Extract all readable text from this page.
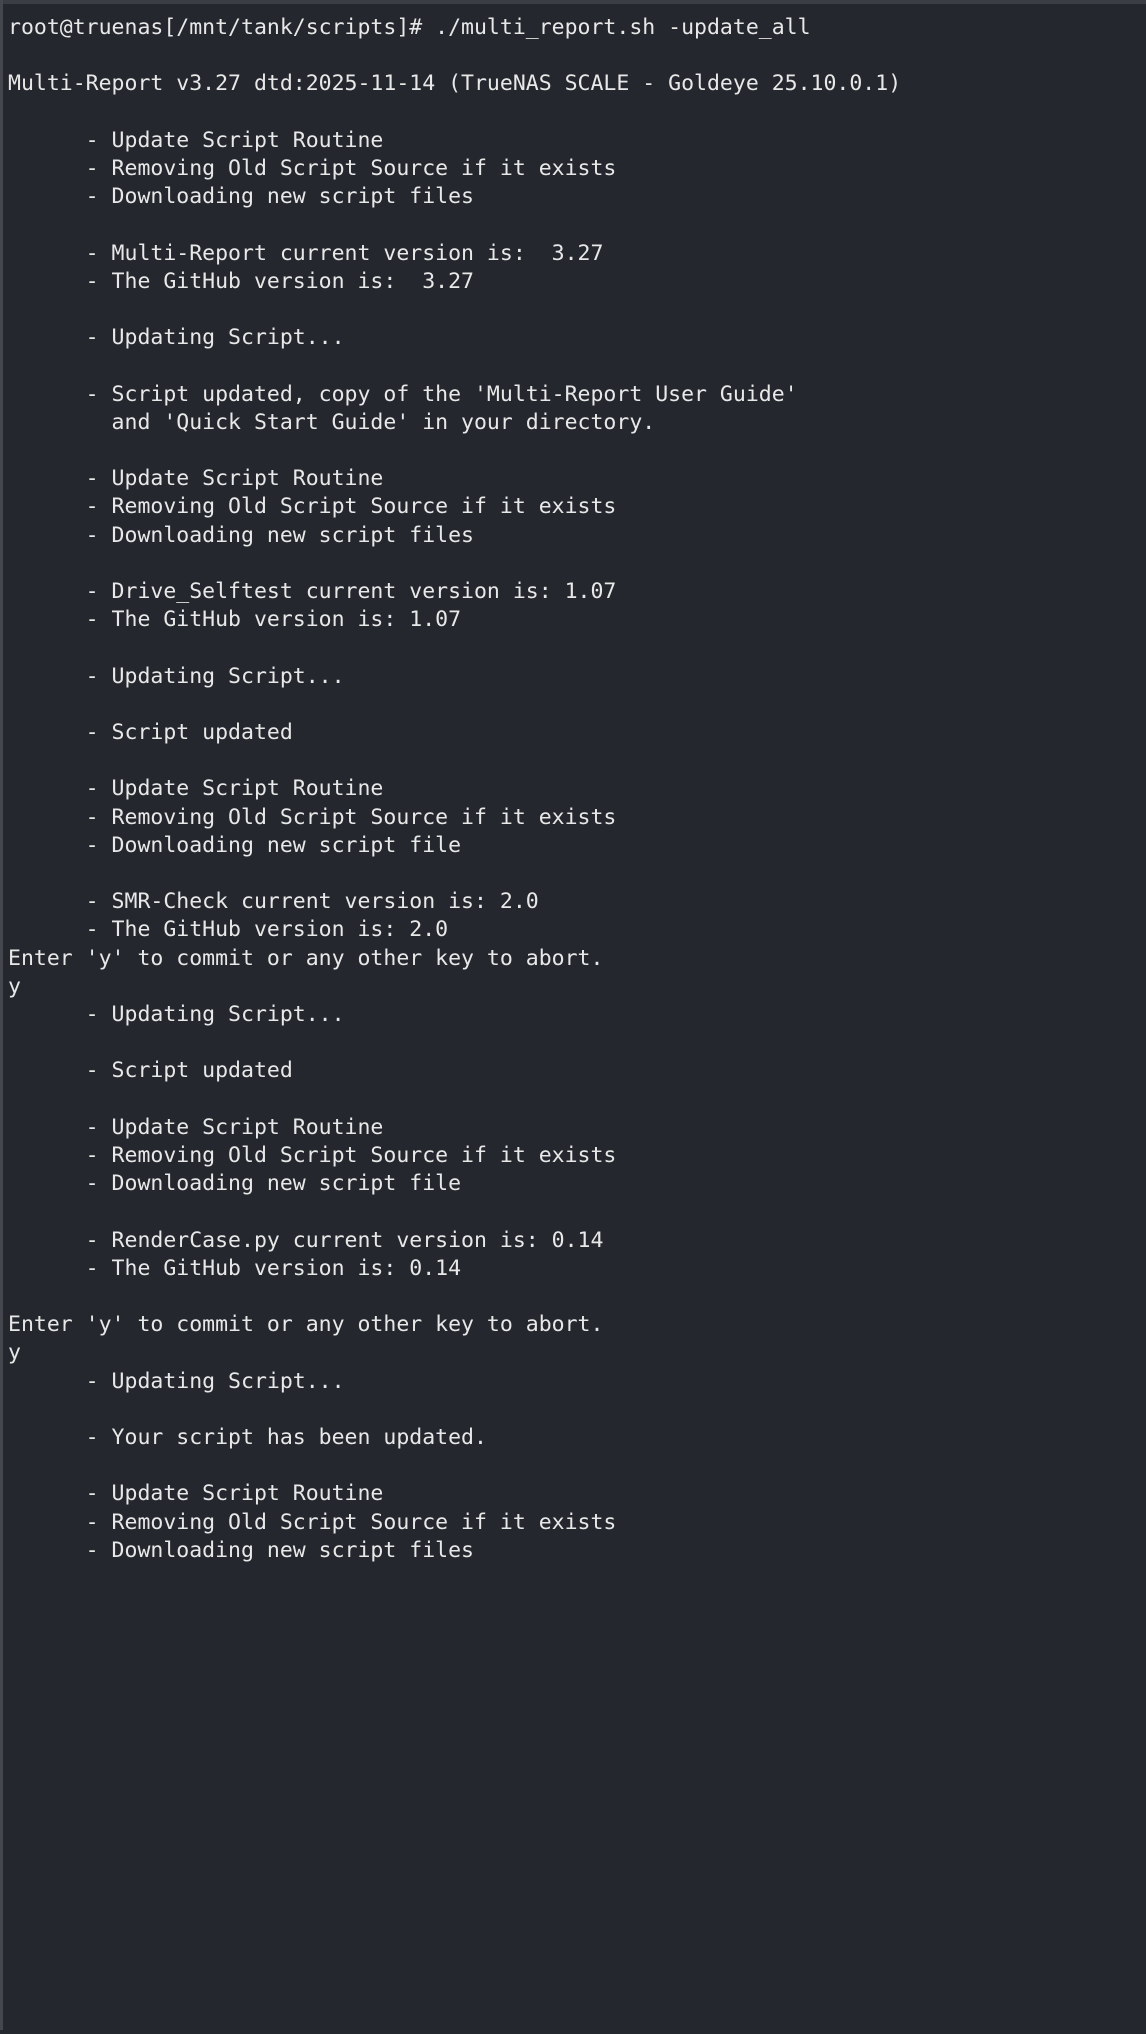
root@truenas[/mnt/tank/scripts]# ./multi_report.sh -update_all

Multi-Report v3.27 dtd:2025-11-14 (TrueNAS SCALE - Goldeye 25.10.0.1)

- Update Script Routine
- Removing Old Script Source if it exists
- Downloading new script files

- Multi-Report current version is:  3.27
- The GitHub version is:  3.27

- Updating Script...

- Script updated, copy of the 'Multi-Report User Guide'
and 'Quick Start Guide' in your directory.

- Update Script Routine
- Removing Old Script Source if it exists
- Downloading new script files

- Drive_Selftest current version is: 1.07
- The GitHub version is: 1.07

- Updating Script...

- Script updated

- Update Script Routine
- Removing Old Script Source if it exists
- Downloading new script file

- SMR-Check current version is: 2.0
- The GitHub version is: 2.0
Enter 'y' to commit or any other key to abort.
y
- Updating Script...

- Script updated

- Update Script Routine
- Removing Old Script Source if it exists
- Downloading new script file

- RenderCase.py current version is: 0.14
- The GitHub version is: 0.14

Enter 'y' to commit or any other key to abort.
y
- Updating Script...

- Your script has been updated.

- Update Script Routine
- Removing Old Script Source if it exists
- Downloading new script files
